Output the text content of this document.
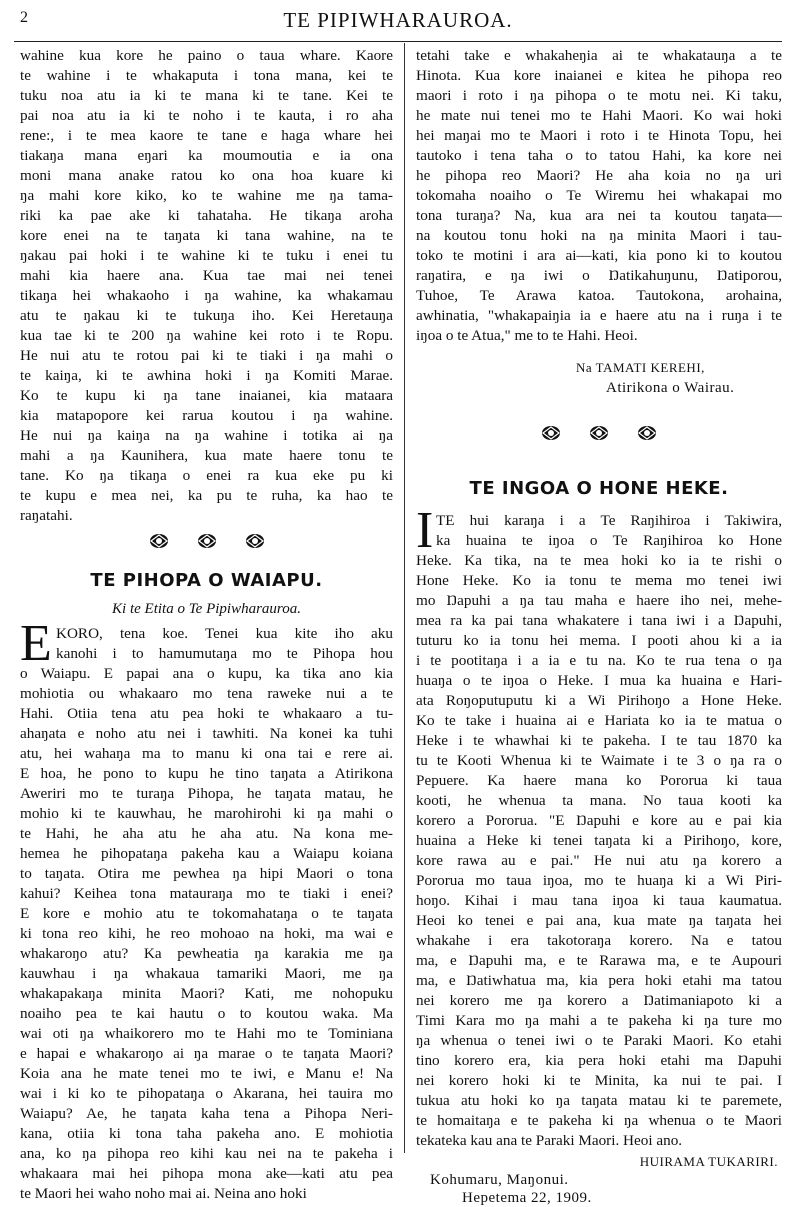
2	TE PIPIWHARAUROA.
wahine kua kore he paino o taua whare. Kaore
te wahine i te whakaputa i tona mana, kei te
tuku noa atu ia ki te mana ki te tane. Kei te
pai noa atu ia ki te noho i te kauta, i ro aha
rene:, i te mea kaore te tane e haga whare hei
tiakaŋa mana eŋari ka moumoutia e ia ona
moni mana anake ratou ko ona hoa kuare ki
ŋa mahi kore kiko, ko te wahine me ŋa tama-
riki ka pae ake ki tahataha. He tikaŋa aroha
kore enei na te taŋata ki tana wahine, na te
ŋakau pai hoki i te wahine ki te tuku i enei tu
mahi kia haere ana. Kua tae mai nei tenei
tikaŋa hei whakaoho i ŋa wahine, ka whakamau
atu te ŋakau ki te tukuŋa iho. Kei Heretauŋa
kua tae ki te 200 ŋa wahine kei roto i te Ropu.
He nui atu te rotou pai ki te tiaki i ŋa mahi o
te kaiŋa, ki te awhina hoki i ŋa Komiti Marae.
Ko te kupu ki ŋa tane inaianei, kia mataara
kia matapopore kei rarua koutou i ŋa wahine.
He nui ŋa kaiŋa na ŋa wahine i totika ai ŋa
mahi a ŋa Kaunihera, kua mate haere tonu te
tane. Ko ŋa tikaŋa o enei ra kua eke pu ki
te kupu e mea nei, ka pu te ruha, ka hao te
raŋatahi.

TE PIHOPA O WAIAPU.
Ki te Etita o Te Pipiwharauroa.
E KORO, tena koe. Tenei kua kite iho aku
kanohi i to hamumutaŋa mo te Pihopa hou
o Waiapu. E papai ana o kupu, ka tika ano kia
mohiotia ou whakaaro mo tena raweke nui a te
Hahi. Otiia tena atu pea hoki te whakaaro a tu-
ahaŋata e noho atu nei i tawhiti. Na konei ka tuhi
atu, hei wahaŋa ma to manu ki ona tai e rere ai.
E hoa, he pono to kupu he tino taŋata a Atirikona
Aweriri mo te turaŋa Pihopa, he taŋata matau, he
mohio ki te kauwhau, he marohirohi ki ŋa mahi o
te Hahi, he aha atu he aha atu. Na kona me-
hemea he pihopataŋa pakeha kau a Waiapu koiana
to taŋata. Otira me pewhea ŋa hipi Maori o tona
kahui? Keihea tona matauraŋa mo te tiaki i enei?
E kore e mohio atu te tokomahataŋa o te taŋata
ki tona reo kihi, he reo mohoao na hoki, ma wai e
whakaroŋo atu? Ka pewheatia ŋa karakia me ŋa
kauwhau i ŋa whakaua tamariki Maori, me ŋa
whakapakaŋa minita Maori? Kati, me nohopuku
noaiho pea te kai hautu o to koutou waka. Ma
wai oti ŋa whaikorero mo te Hahi mo te Tominiana
e hapai e whakaroŋo ai ŋa marae o te taŋata Maori?
Koia ana he mate tenei mo te iwi, e Manu e! Na
wai i ki ko te pihopataŋa o Akarana, hei tauira mo
Waiapu? Ae, he taŋata kaha tena a Pihopa Neri-
kana, otiia ki tona taha pakeha ano. E mohiotia
ana, ko ŋa pihopa reo kihi kau nei na te pakeha i
whakaara mai hei pihopa mona ake—kati atu pea
te Maori hei waho noho mai ai. Neina ano hoki
tetahi take e whakaheŋia ai te whakatauŋa a te
Hinota. Kua kore inaianei e kitea he pihopa reo
maori i roto i ŋa pihopa o te motu nei. Ki taku,
he mate nui tenei mo te Hahi Maori. Ko wai hoki
hei maŋai mo te Maori i roto i te Hinota Topu, hei
tautoko i tena taha o to tatou Hahi, ka kore nei
he pihopa reo Maori? He aha koia no ŋa uri
tokomaha noaiho o Te Wiremu hei whakapai mo
tona turaŋa? Na, kua ara nei ta koutou taŋata—
na koutou tonu hoki na ŋa minita Maori i tau-
toko te motini i ara ai—kati, kia pono ki to koutou
raŋatira, e ŋa iwi o Ŋatikahuŋunu, Ŋatiporou,
Tuhoe, Te Arawa katoa. Tautokona, arohaina,
awhinatia, "whakapaiŋia ia e haere atu na i ruŋa i te
iŋoa o te Atua," me to te Hahi. Heoi.
Na TAMATI KEREHI,
Atirikona o Wairau.

TE INGOA O HONE HEKE.
I TE hui karaŋa i a Te Raŋihiroa i Takiwira,
ka huaina te iŋoa o Te Raŋihiroa ko Hone
Heke. Ka tika, na te mea hoki ko ia te rishi o
Hone Heke. Ko ia tonu te mema mo tenei iwi
mo Ŋapuhi a ŋa tau maha e haere iho nei, mehe-
mea ra ka pai tana whakatere i tana iwi i a Ŋapuhi,
tuturu ko ia tonu hei mema. I pooti ahou ki a ia
i te pootitaŋa i a ia e tu na. Ko te rua tena o ŋa
huaŋa o te iŋoa o Heke. I mua ka huaina e Hari-
ata Roŋoputuputu ki a Wi Pirihoŋo a Hone Heke.
Ko te take i huaina ai e Hariata ko ia te matua o
Heke i te whawhai ki te pakeha. I te tau 1870 ka
tu te Kooti Whenua ki te Waimate i te 3 o ŋa ra o
Pepuere. Ka haere mana ko Pororua ki taua
kooti, he whenua ta mana. No taua kooti ka
korero a Pororua. "E Ŋapuhi e kore au e pai kia
huaina a Heke ki tenei taŋata ki a Pirihoŋo, kore,
kore rawa au e pai." He nui atu ŋa korero a
Pororua mo taua iŋoa, mo te huaŋa ki a Wi Piri-
hoŋo. Kihai i mau tana iŋoa ki taua kaumatua.
Heoi ko tenei e pai ana, kua mate ŋa taŋata hei
whakahe i era takotoraŋa korero. Na e tatou
ma, e Ŋapuhi ma, e te Rarawa ma, e te Aupouri
ma, e Ŋatiwhatua ma, kia pera hoki etahi ma tatou
nei korero me ŋa korero a Ŋatimaniapoto ki a
Timi Kara mo ŋa mahi a te pakeha ki ŋa ture mo
ŋa whenua o tenei iwi o te Paraki Maori. Ko etahi
tino korero era, kia pera hoki etahi ma Ŋapuhi
nei korero hoki ki te Minita, ka nui te pai. I
tukua atu hoki ko ŋa taŋata matau ki te paremete,
te homaitaŋa e te pakeha ki ŋa whenua o te Maori
tekateka kau ana te Paraki Maori. Heoi ano.
HUIRAMA TUKARIRI.
Kohumaru, Maŋonui.
Hepetema 22, 1909.
